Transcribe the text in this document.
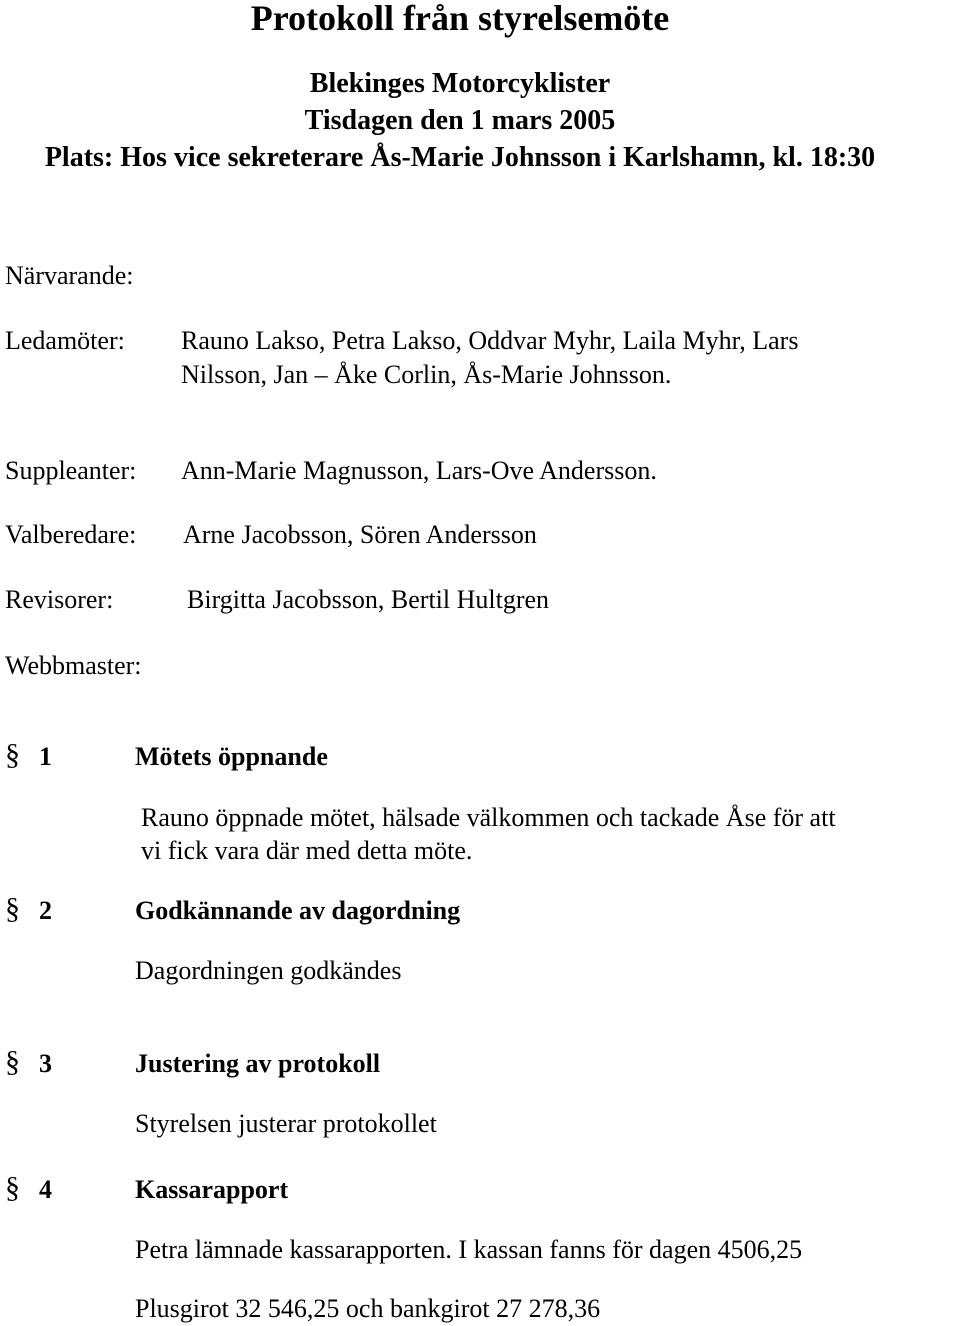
Protokoll från styrelsemöte
Blekinges Motorcyklister
Tisdagen den 1 mars 2005
Plats: Hos vice sekreterare Ås-Marie Johnsson i Karlshamn, kl. 18:30
Närvarande:
Ledamöter: Rauno Lakso, Petra Lakso, Oddvar Myhr, Laila Myhr, Lars
Nilsson, Jan – Åke Corlin, Ås-Marie Johnsson.
Suppleanter: Ann-Marie Magnusson, Lars-Ove Andersson.
Valberedare: Arne Jacobsson, Sören Andersson
Revisorer:	Birgitta Jacobsson, Bertil Hultgren
Webbmaster:
§ 1	Mötets öppnande
Rauno öppnade mötet, hälsade välkommen och tackade Åse för att
vi fick vara där med detta möte.
§ 2	Godkännande av dagordning
Dagordningen godkändes
§ 3	Justering av protokoll
Styrelsen justerar protokollet
§ 4	Kassarapport
Petra lämnade kassarapporten. I kassan fanns för dagen 4506,25
Plusgirot 32 546,25 och bankgirot 27 278,36
